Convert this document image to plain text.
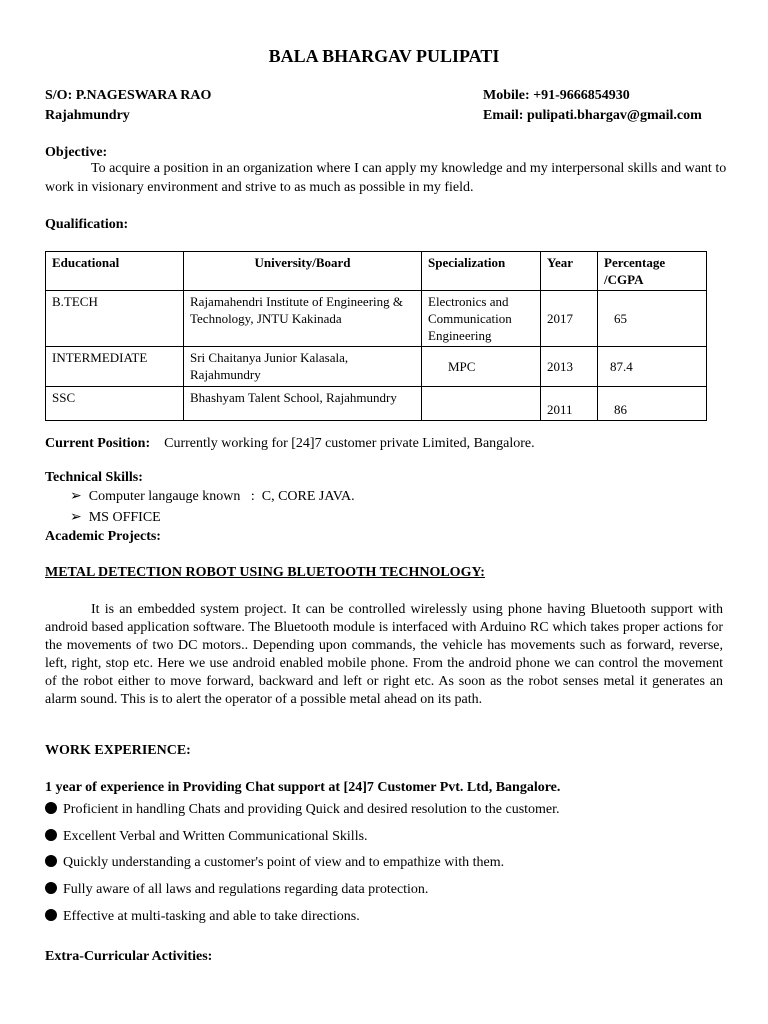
BALA BHARGAV PULIPATI
S/O: P.NAGESWARA RAO
Rajahmundry
Mobile: +91-9666854930
Email: pulipati.bhargav@gmail.com
Objective:
To acquire a position in an organization where I can apply my knowledge and my interpersonal skills and want to
work in visionary environment and strive to as much as possible in my field.
Qualification:
Educational	University/Board	Specialization	Year	Percentage /CGPA
B.TECH	Rajamahendri Institute of Engineering & Technology, JNTU Kakinada	Electronics and Communication Engineering	2017	65
INTERMEDIATE	Sri Chaitanya Junior Kalasala, Rajahmundry	MPC	2013	87.4
SSC	Bhashyam Talent School, Rajahmundry		2011	86
Current Position: Currently working for [24]7 customer private Limited, Bangalore.
Technical Skills:
➢ Computer langauge known   :  C, CORE JAVA.
➢ MS OFFICE
Academic Projects:
METAL DETECTION ROBOT USING BLUETOOTH TECHNOLOGY:
It is an embedded system project. It can be controlled wirelessly using phone having Bluetooth support with android based application software. The Bluetooth module is interfaced with Arduino RC which takes proper actions for the movements of two DC motors.. Depending upon commands, the vehicle has movements such as forward, reverse, left, right, stop etc. Here we use android enabled mobile phone. From the android phone we can control the movement of the robot either to move forward, backward and left or right etc. As soon as the robot senses metal it generates an alarm sound. This is to alert the operator of a possible metal ahead on its path.
WORK EXPERIENCE:
1 year of experience in Providing Chat support at [24]7 Customer Pvt. Ltd, Bangalore.
Proficient in handling Chats and providing Quick and desired resolution to the customer.
Excellent Verbal and Written Communicational Skills.
Quickly understanding a customer's point of view and to empathize with them.
Fully aware of all laws and regulations regarding data protection.
Effective at multi-tasking and able to take directions.
Extra-Curricular Activities:
